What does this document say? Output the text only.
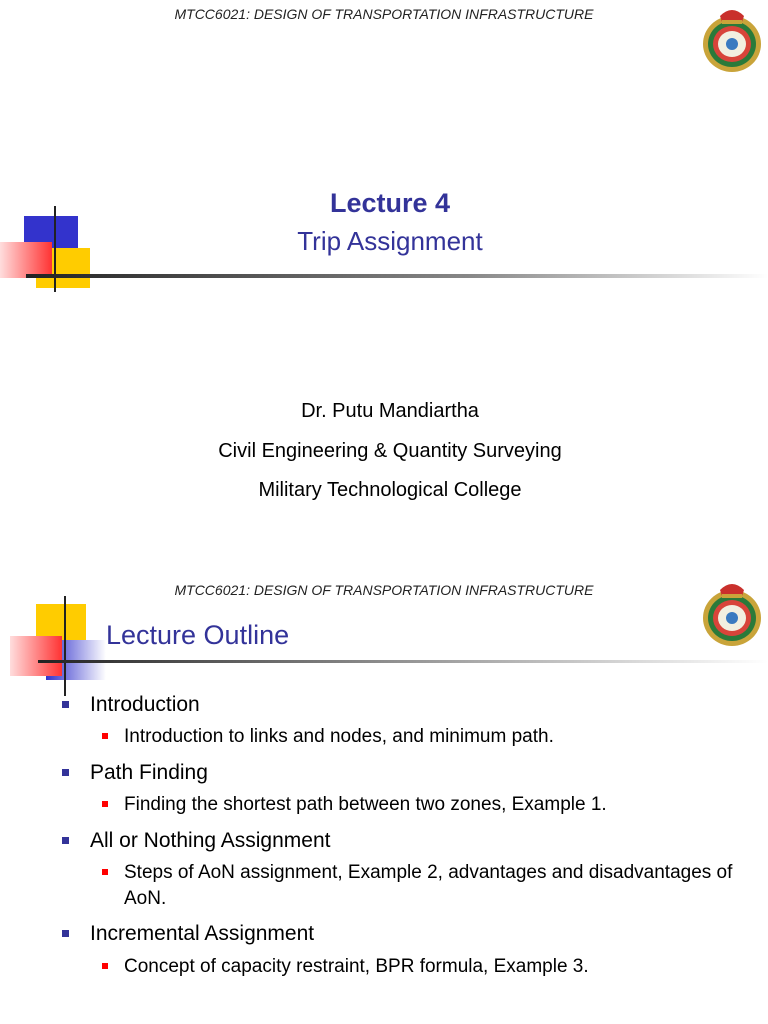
MTCC6021: DESIGN OF TRANSPORTATION INFRASTRUCTURE
Lecture 4
Trip Assignment
Dr. Putu Mandiartha
Civil Engineering & Quantity Surveying
Military Technological College
MTCC6021: DESIGN OF TRANSPORTATION INFRASTRUCTURE
Lecture Outline
Introduction
Introduction to links and nodes, and minimum path.
Path Finding
Finding the shortest path between two zones, Example 1.
All or Nothing Assignment
Steps of AoN assignment, Example 2, advantages and disadvantages of AoN.
Incremental Assignment
Concept of capacity restraint, BPR formula, Example 3.
